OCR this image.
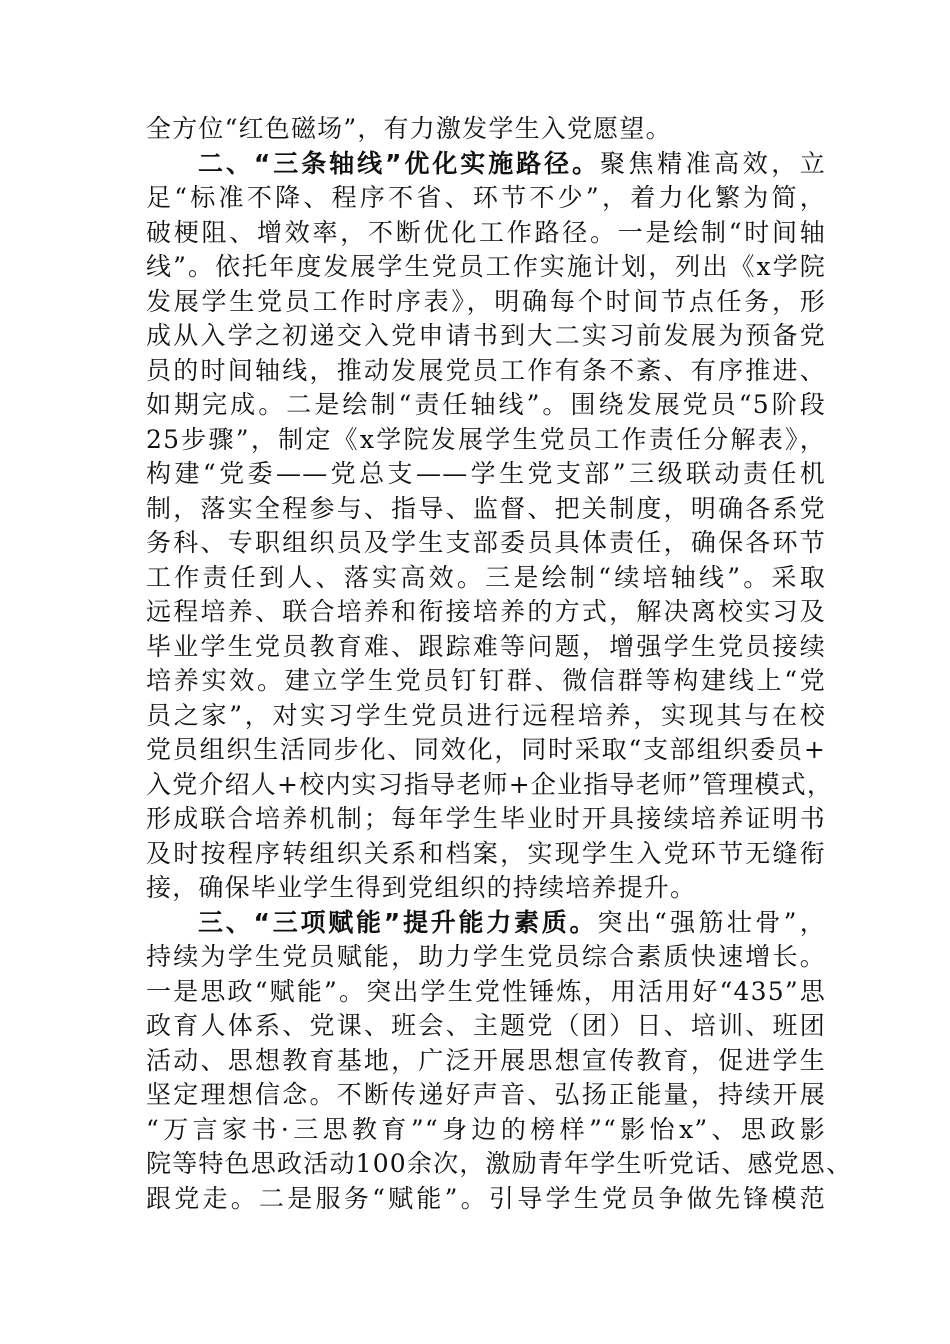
全方位“红色磁场”，有力激发学生入党愿望。
二、“三条轴线”优化实施路径。聚焦精准高效，立
足“标准不降、程序不省、环节不少”，着力化繁为简，
破梗阻、增效率，不断优化工作路径。一是绘制“时间轴
线”。依托年度发展学生党员工作实施计划，列出《x学院
发展学生党员工作时序表》，明确每个时间节点任务，形
成从入学之初递交入党申请书到大二实习前发展为预备党
员的时间轴线，推动发展党员工作有条不紊、有序推进、
如期完成。二是绘制“责任轴线”。围绕发展党员“5阶段
25步骤”，制定《x学院发展学生党员工作责任分解表》，
构建“党委——党总支——学生党支部”三级联动责任机
制，落实全程参与、指导、监督、把关制度，明确各系党
务科、专职组织员及学生支部委员具体责任，确保各环节
工作责任到人、落实高效。三是绘制“续培轴线”。采取
远程培养、联合培养和衔接培养的方式，解决离校实习及
毕业学生党员教育难、跟踪难等问题，增强学生党员接续
培养实效。建立学生党员钉钉群、微信群等构建线上“党
员之家”，对实习学生党员进行远程培养，实现其与在校
党员组织生活同步化、同效化，同时采取“支部组织委员+
入党介绍人+校内实习指导老师+企业指导老师”管理模式，
形成联合培养机制；每年学生毕业时开具接续培养证明书
及时按程序转组织关系和档案，实现学生入党环节无缝衔
接，确保毕业学生得到党组织的持续培养提升。
三、“三项赋能”提升能力素质。突出“强筋壮骨”，
持续为学生党员赋能，助力学生党员综合素质快速增长。
一是思政“赋能”。突出学生党性锤炼，用活用好“435”思
政育人体系、党课、班会、主题党（团）日、培训、班团
活动、思想教育基地，广泛开展思想宣传教育，促进学生
坚定理想信念。不断传递好声音、弘扬正能量，持续开展
“万言家书·三思教育”“身边的榜样”“影怡x”、思政影
院等特色思政活动100余次，激励青年学生听党话、感党恩、
跟党走。二是服务“赋能”。引导学生党员争做先锋模范
